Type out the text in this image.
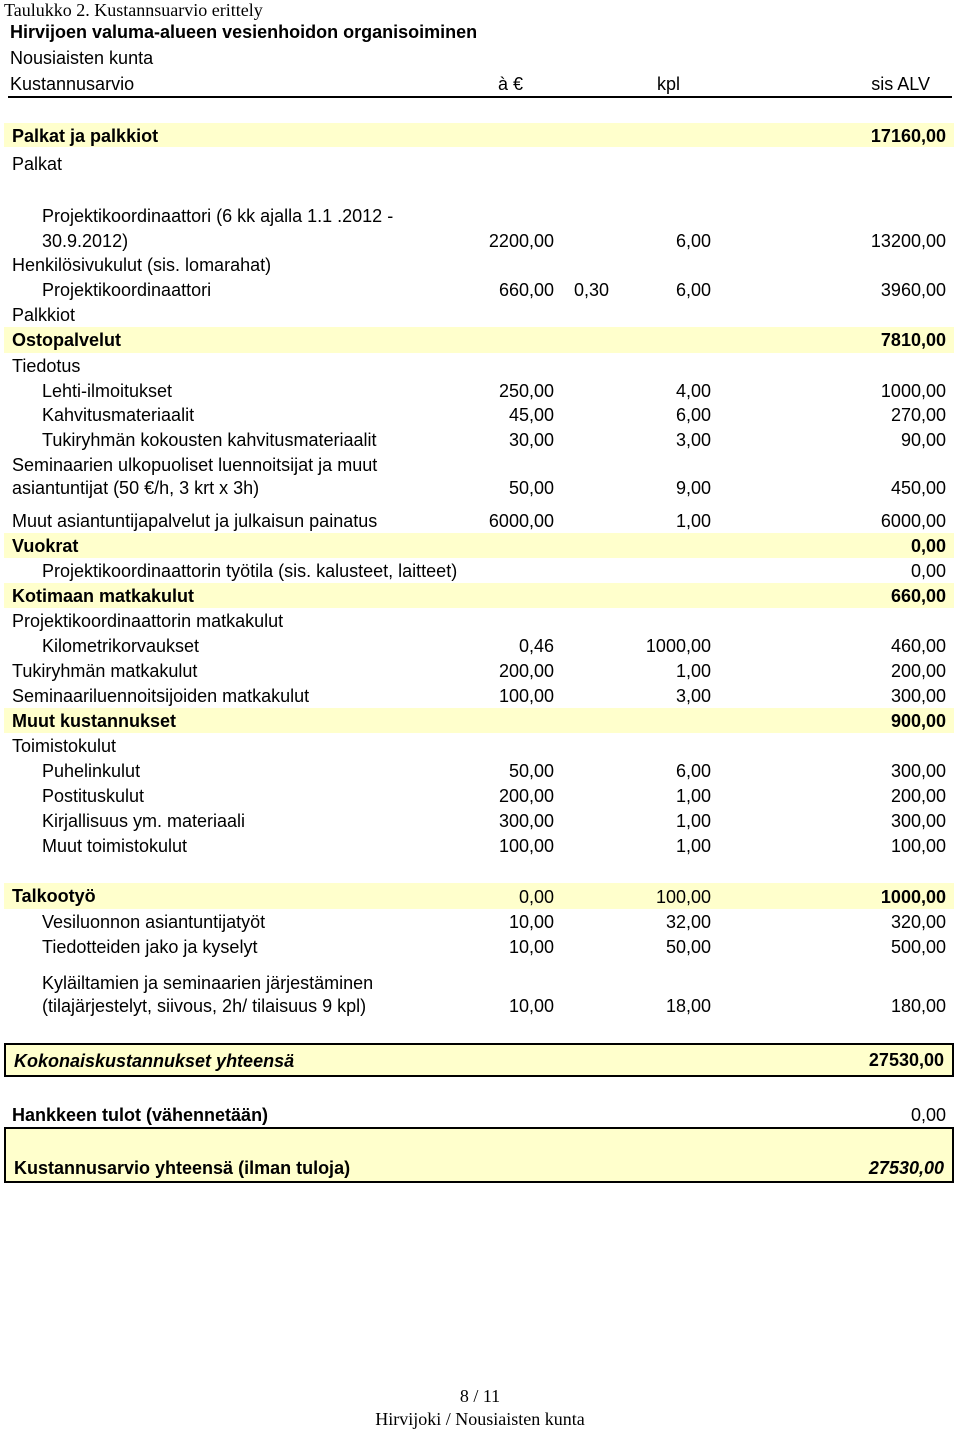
Taulukko 2. Kustannsuarvio erittely
Hirvijoen valuma-alueen vesienhoidon organisoiminen
Nousiaisten kunta
Kustannusarvio	à €	kpl	sis ALV
Palkat ja palkkiot	17160,00
Palkat
Projektikoordinaattori (6 kk ajalla 1.1 .2012 -
30.9.2012)	2200,00	6,00	13200,00
Henkilösivukulut (sis. lomarahat)
Projektikoordinaattori	660,00 0,30	6,00	3960,00
Palkkiot
Ostopalvelut	7810,00
Tiedotus
Lehti-ilmoitukset	250,00	4,00	1000,00
Kahvitusmateriaalit	45,00	6,00	270,00
Tukiryhmän kokousten kahvitusmateriaalit	30,00	3,00	90,00
Seminaarien ulkopuoliset luennoitsijat ja muut
asiantuntijat (50 €/h, 3 krt x 3h)	50,00	9,00	450,00
Muut asiantuntijapalvelut ja julkaisun painatus	6000,00	1,00	6000,00
Vuokrat	0,00
Projektikoordinaattorin työtila (sis. kalusteet, laitteet)	0,00
Kotimaan matkakulut	660,00
Projektikoordinaattorin matkakulut
Kilometrikorvaukset	0,46	1000,00	460,00
Tukiryhmän matkakulut	200,00	1,00	200,00
Seminaariluennoitsijoiden matkakulut	100,00	3,00	300,00
Muut kustannukset	900,00
Toimistokulut
Puhelinkulut	50,00	6,00	300,00
Postituskulut	200,00	1,00	200,00
Kirjallisuus ym. materiaali	300,00	1,00	300,00
Muut toimistokulut	100,00	1,00	100,00
Talkootyö	0,00	100,00	1000,00
Vesiluonnon asiantuntijatyöt	10,00	32,00	320,00
Tiedotteiden jako ja kyselyt	10,00	50,00	500,00
Kyläiltamien ja seminaarien järjestäminen
(tilajärjestelyt, siivous, 2h/ tilaisuus 9 kpl)	10,00	18,00	180,00
Kokonaiskustannukset yhteensä	27530,00
Hankkeen tulot (vähennetään)	0,00
Kustannusarvio yhteensä (ilman tuloja)	27530,00
8 / 11
Hirvijoki / Nousiaisten kunta
